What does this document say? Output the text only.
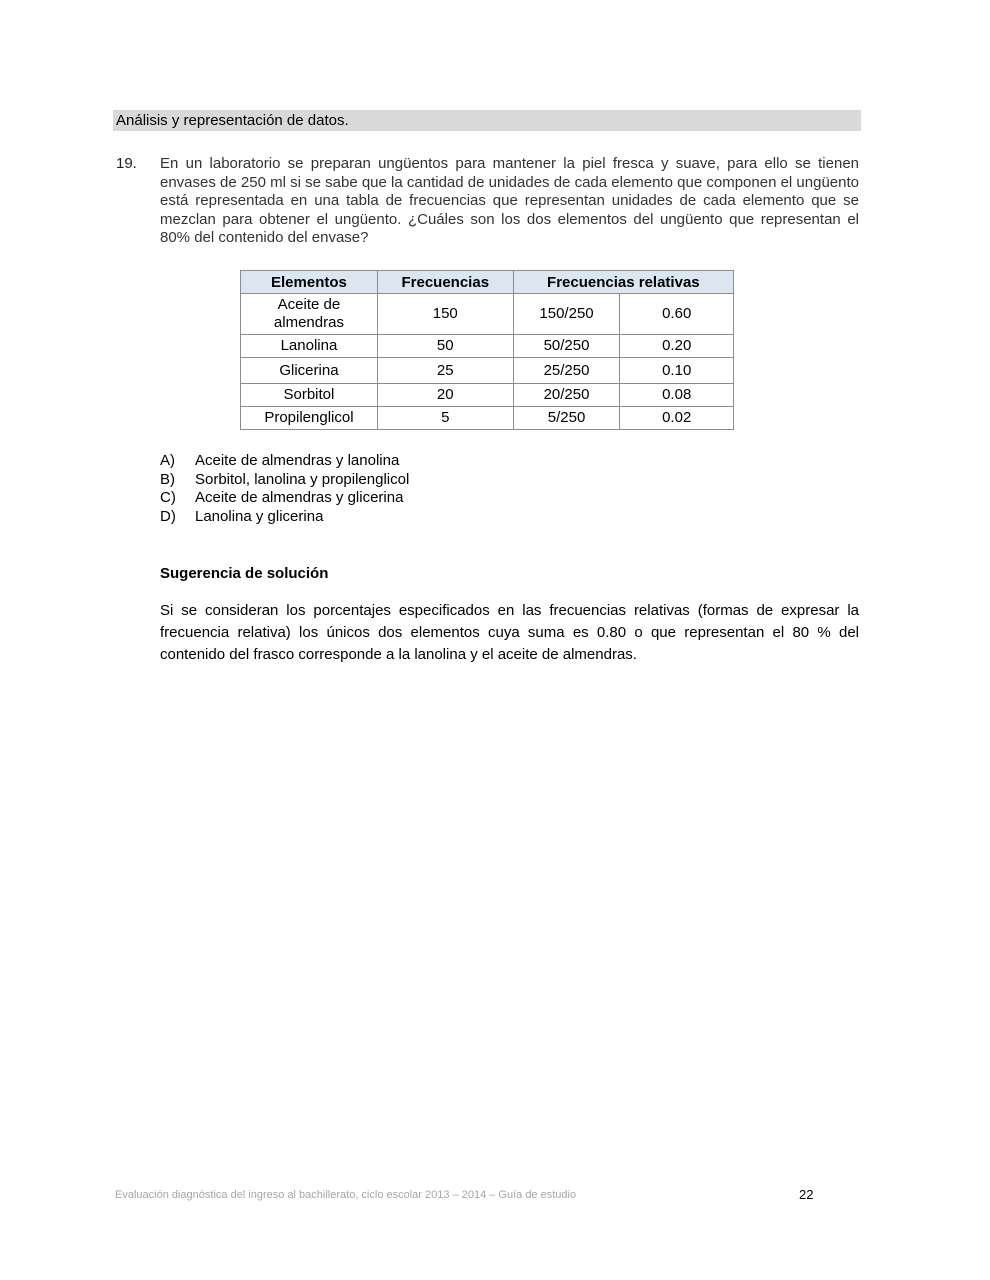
Análisis y representación de datos.
19. En un laboratorio se preparan ungüentos para mantener la piel fresca y suave, para ello se tienen envases de 250 ml si se sabe que la cantidad de unidades de cada elemento que componen el ungüento está representada en una tabla de frecuencias que representan unidades de cada elemento que se mezclan para obtener el ungüento. ¿Cuáles son los dos elementos del ungüento que representan el 80% del contenido del envase?

Elementos	Frecuencias	Frecuencias relativas	
Aceite de almendras	150	150/250	0.60
Lanolina	50	50/250	0.20
Glicerina	25	25/250	0.10
Sorbitol	20	20/250	0.08
Propilenglicol	5	5/250	0.02
A)	Aceite de almendras y lanolina
B)	Sorbitol, lanolina y propilenglicol
C)	Aceite de almendras y glicerina
D)	Lanolina y glicerina
Sugerencia de solución

Si se consideran los porcentajes especificados en las frecuencias relativas (formas de expresar la frecuencia relativa) los únicos dos elementos cuya suma es 0.80 o que representan el 80 % del contenido del frasco corresponde a la lanolina y el aceite de almendras.

Evaluación diagnóstica del ingreso al bachillerato, ciclo escolar 2013 – 2014 – Guía de estudio	22
